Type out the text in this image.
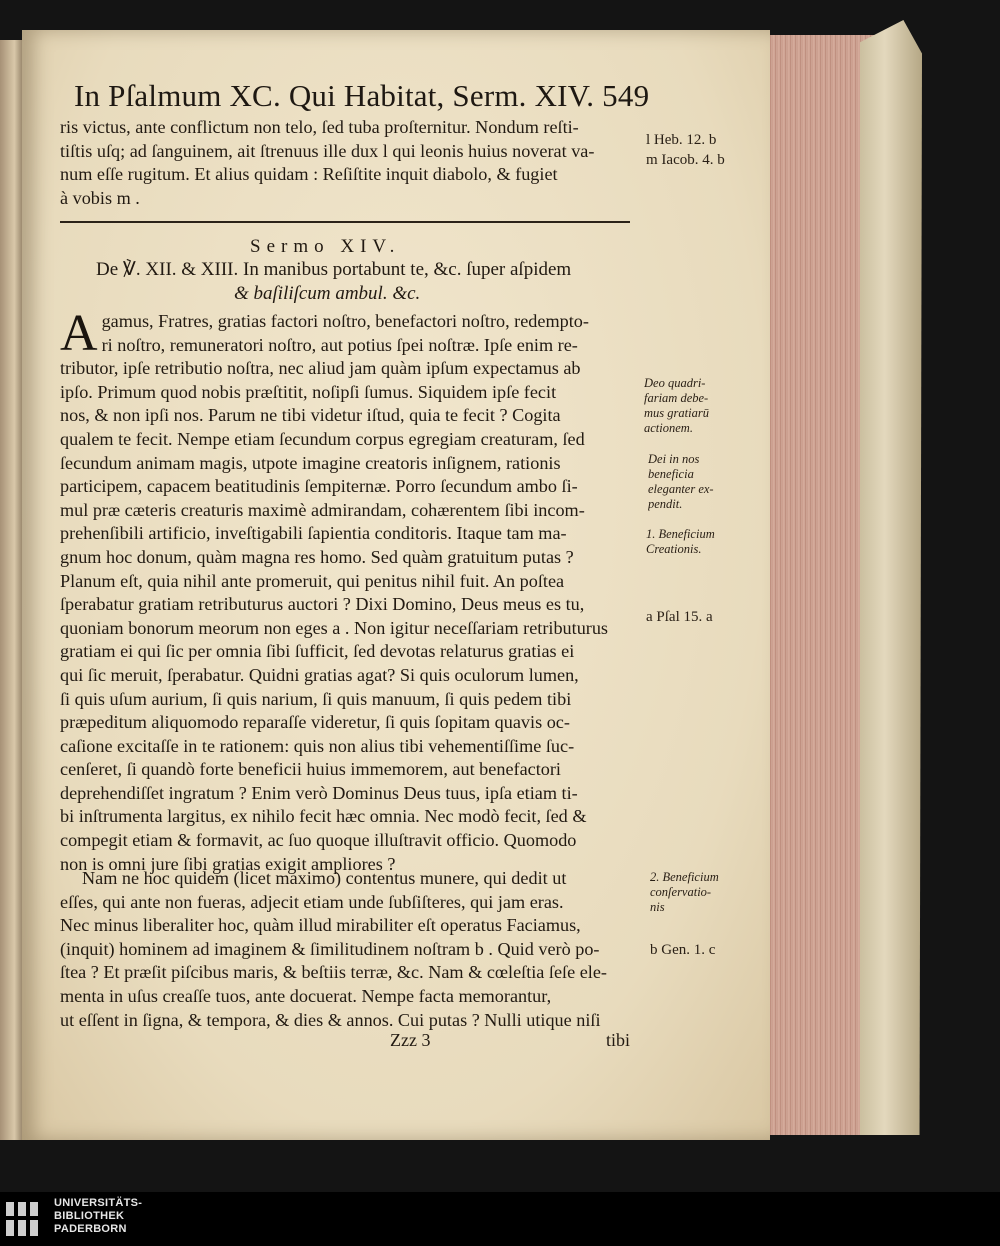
In Pſalmum XC. Qui Habitat, Serm. XIV. 549
ris victus, ante conflictum non telo, ſed tuba proſternitur. Nondum reſti-
tiſtis uſq; ad ſanguinem, ait ſtrenuus ille dux l qui leonis huius noverat va-
num eſſe rugitum. Et alius quidam : Reſiſtite inquit diabolo, & fugiet
à vobis m .
Sermo XIV.
De ℣. XII. & XIII. In manibus portabunt te, &c. ſuper aſpidem
& baſiliſcum ambul. &c.
A gamus, Fratres, gratias factori noſtro, benefactori noſtro, redempto-
ri noſtro, remuneratori noſtro, aut potius ſpei noſtræ. Ipſe enim re-
tributor, ipſe retributio noſtra, nec aliud jam quàm ipſum expectamus ab
ipſo. Primum quod nobis præſtitit, noſipſi ſumus. Siquidem ipſe fecit
nos, & non ipſi nos. Parum ne tibi videtur iſtud, quia te fecit ? Cogita
qualem te fecit. Nempe etiam ſecundum corpus egregiam creaturam, ſed
ſecundum animam magis, utpote imagine creatoris inſignem, rationis
participem, capacem beatitudinis ſempiternæ. Porro ſecundum ambo ſi-
mul præ cæteris creaturis maximè admirandam, cohærentem ſibi incom-
prehenſibili artificio, inveſtigabili ſapientia conditoris. Itaque tam ma-
gnum hoc donum, quàm magna res homo. Sed quàm gratuitum putas ?
Planum eſt, quia nihil ante promeruit, qui penitus nihil fuit. An poſtea
ſperabatur gratiam retributurus auctori ? Dixi Domino, Deus meus es tu,
quoniam bonorum meorum non eges a . Non igitur neceſſariam retributurus
gratiam ei qui ſic per omnia ſibi ſufficit, ſed devotas relaturus gratias ei
qui ſic meruit, ſperabatur. Quidni gratias agat? Si quis oculorum lumen,
ſi quis uſum aurium, ſi quis narium, ſi quis manuum, ſi quis pedem tibi
præpeditum aliquomodo reparaſſe videretur, ſi quis ſopitam quavis oc-
caſione excitaſſe in te rationem: quis non alius tibi vehementiſſime ſuc-
cenſeret, ſi quandò forte beneficii huius immemorem, aut benefactori
deprehendiſſet ingratum ? Enim verò Dominus Deus tuus, ipſa etiam ti-
bi inſtrumenta largitus, ex nihilo fecit hæc omnia. Nec modò fecit, ſed &
compegit etiam & formavit, ac ſuo quoque illuſtravit officio. Quomodo
non is omni jure ſibi gratias exigit ampliores ?
Nam ne hoc quidem (licet maximo) contentus munere, qui dedit ut
eſſes, qui ante non fueras, adjecit etiam unde ſubſiſteres, qui jam eras.
Nec minus liberaliter hoc, quàm illud mirabiliter eſt operatus Faciamus,
(inquit) hominem ad imaginem & ſimilitudinem noſtram b . Quid verò po-
ſtea ? Et præſit piſcibus maris, & beſtiis terræ, &c. Nam & cœleſtia ſeſe ele-
menta in uſus creaſſe tuos, ante docuerat. Nempe facta memorantur,
ut eſſent in ſigna, & tempora, & dies & annos. Cui putas ? Nulli utique niſi
Zzz 3	tibi
l Heb. 12. b
m Iacob. 4. b
Deo quadri-
fariam debe-
mus gratiarū
actionem.
Dei in nos
beneficia
eleganter ex-
pendit.
1. Beneficium
Creationis.
a Pſal 15. a
2. Beneficium
conſervatio-
nis
b Gen. 1. c
UNIVERSITÄTS-
BIBLIOTHEK
PADERBORN
